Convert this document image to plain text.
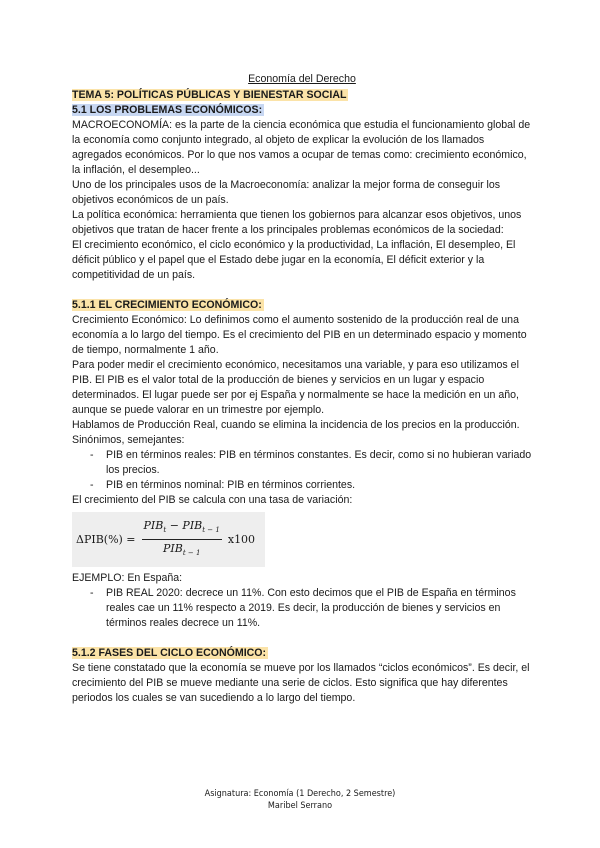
Economía del Derecho
TEMA 5: POLÍTICAS PÚBLICAS Y BIENESTAR SOCIAL
5.1 LOS PROBLEMAS ECONÓMICOS:

MACROECONOMÍA: es la parte de la ciencia económica que estudia el funcionamiento global de la economía como conjunto integrado, al objeto de explicar la evolución de los llamados agregados económicos. Por lo que nos vamos a ocupar de temas como: crecimiento económico, la inflación, el desempleo...

Uno de los principales usos de la Macroeconomía: analizar la mejor forma de conseguir los objetivos económicos de un país.

La política económica: herramienta que tienen los gobiernos para alcanzar esos objetivos, unos objetivos que tratan de hacer frente a los principales problemas económicos de la sociedad:

El crecimiento económico, el ciclo económico y la productividad, La inflación, El desempleo, El déficit público y el papel que el Estado debe jugar en la economía, El déficit exterior y la competitividad de un país.

5.1.1 EL CRECIMIENTO ECONÓMICO:

Crecimiento Económico: Lo definimos como el aumento sostenido de la producción real de una economía a lo largo del tiempo. Es el crecimiento del PIB en un determinado espacio y momento de tiempo, normalmente 1 año.

Para poder medir el crecimiento económico, necesitamos una variable, y para eso utilizamos el PIB. El PIB es el valor total de la producción de bienes y servicios en un lugar y espacio determinados. El lugar puede ser por ej España y normalmente se hace la medición en un año, aunque se puede valorar en un trimestre por ejemplo.

Hablamos de Producción Real, cuando se elimina la incidencia de los precios en la producción.

Sinónimos, semejantes:

- PIB en términos reales: PIB en términos constantes. Es decir, como si no hubieran variado los precios.
- PIB en términos nominal: PIB en términos corrientes.

El crecimiento del PIB se calcula con una tasa de variación:

$\Delta PIB(\%) = \frac{PIB_t - PIB_{t - 1}}{PIB_{t - 1}} x100$

EJEMPLO: En España:

- PIB REAL 2020: decrece un 11%. Con esto decimos que el PIB de España en términos reales cae un 11% respecto a 2019. Es decir, la producción de bienes y servicios en términos reales decrece un 11%.
5.1.2 FASES DEL CICLO ECONÓMICO:

Se tiene constatado que la economía se mueve por los llamados “ciclos económicos”. Es decir, el crecimiento del PIB se mueve mediante una serie de ciclos. Esto significa que hay diferentes periodos los cuales se van sucediendo a lo largo del tiempo.

Asignatura: Economía (1 Derecho, 2 Semestre)
Maribel Serrano
